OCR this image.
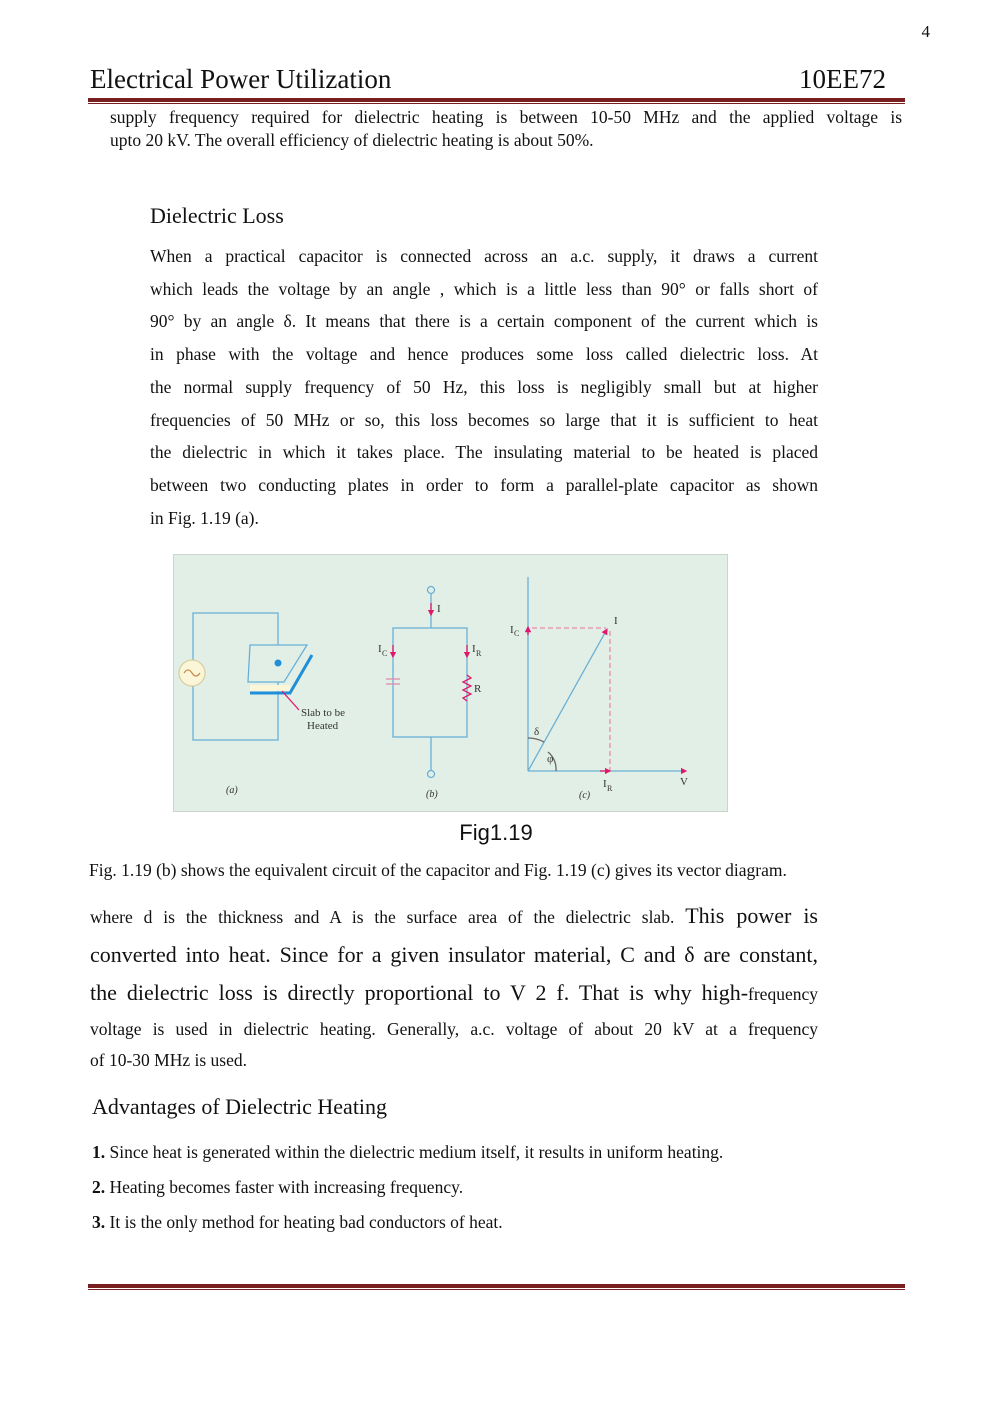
4
Electrical Power Utilization	10EE72
supply frequency required for dielectric heating is between 10-50 MHz and the applied voltage is
upto 20 kV. The overall efficiency of dielectric heating is about 50%.
Dielectric Loss
When a practical capacitor is connected across an a.c. supply, it draws a current
which leads the voltage by an angle , which is a little less than 90° or falls short of
90° by an angle δ. It means that there is a certain component of the current which is
in phase with the voltage and hence produces some loss called dielectric loss. At
the normal supply frequency of 50 Hz, this loss is negligibly small but at higher
frequencies of 50 MHz or so, this loss becomes so large that it is sufficient to heat
the dielectric in which it takes place. The insulating material to be heated is placed
between two conducting plates in order to form a parallel-plate capacitor as shown
in Fig. 1.19 (a).
Slab to be
Heated
(a)
I
I C	I R
R
(b)
I C
I
I R
δ
φ
V
(c)
Fig1.19
Fig. 1.19 (b) shows the equivalent circuit of the capacitor and Fig. 1.19 (c) gives its vector diagram.
where d is the thickness and A is the surface area of the dielectric slab. This power is
converted into heat. Since for a given insulator material, C and δ are constant,
the dielectric loss is directly proportional to V 2 f. That is why high-frequency
voltage is used in dielectric heating. Generally, a.c. voltage of about 20 kV at a frequency
of 10-30 MHz is used.
Advantages of Dielectric Heating
1. Since heat is generated within the dielectric medium itself, it results in uniform heating.
2. Heating becomes faster with increasing frequency.
3. It is the only method for heating bad conductors of heat.
